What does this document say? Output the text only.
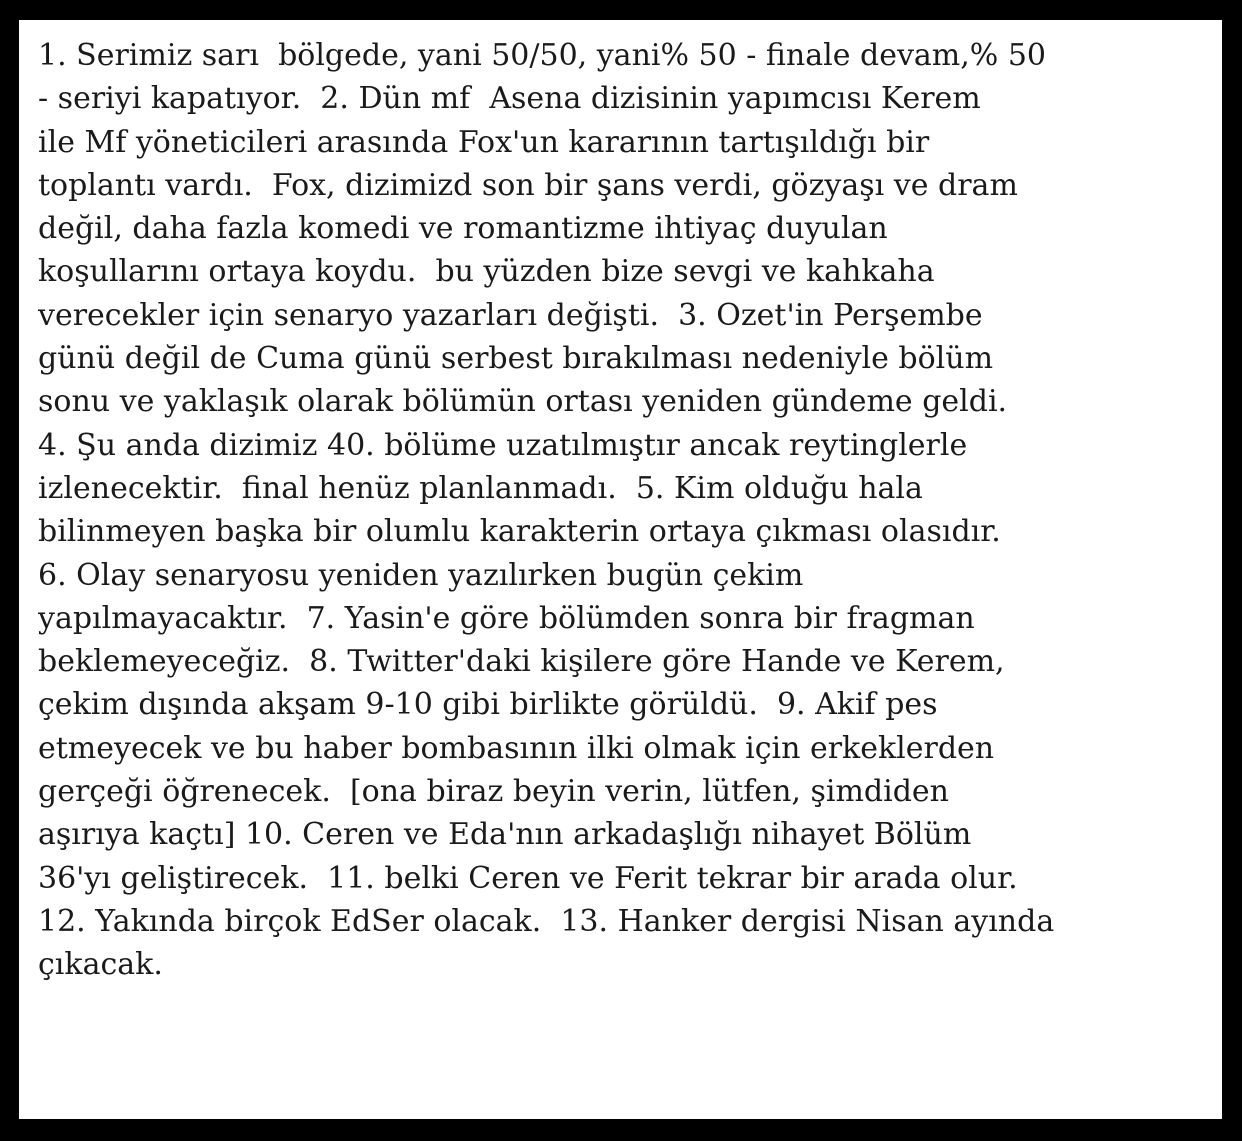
1. Serimiz sarı  bölgede, yani 50/50, yani% 50 - finale devam,% 50
- seriyi kapatıyor.  2. Dün mf  Asena dizisinin yapımcısı Kerem
ile Mf yöneticileri arasında Fox'un kararının tartışıldığı bir
toplantı vardı.  Fox, dizimizd son bir şans verdi, gözyaşı ve dram
değil, daha fazla komedi ve romantizme ihtiyaç duyulan
koşullarını ortaya koydu.  bu yüzden bize sevgi ve kahkaha
verecekler için senaryo yazarları değişti.  3. Ozet'in Perşembe
günü değil de Cuma günü serbest bırakılması nedeniyle bölüm
sonu ve yaklaşık olarak bölümün ortası yeniden gündeme geldi.
4. Şu anda dizimiz 40. bölüme uzatılmıştır ancak reytinglerle
izlenecektir.  final henüz planlanmadı.  5. Kim olduğu hala
bilinmeyen başka bir olumlu karakterin ortaya çıkması olasıdır.
6. Olay senaryosu yeniden yazılırken bugün çekim
yapılmayacaktır.  7. Yasin'e göre bölümden sonra bir fragman
beklemeyeceğiz.  8. Twitter'daki kişilere göre Hande ve Kerem,
çekim dışında akşam 9-10 gibi birlikte görüldü.  9. Akif pes
etmeyecek ve bu haber bombasının ilki olmak için erkeklerden
gerçeği öğrenecek.  [ona biraz beyin verin, lütfen, şimdiden
aşırıya kaçtı] 10. Ceren ve Eda'nın arkadaşlığı nihayet Bölüm
36'yı geliştirecek.  11. belki Ceren ve Ferit tekrar bir arada olur.
12. Yakında birçok EdSer olacak.  13. Hanker dergisi Nisan ayında
çıkacak.
